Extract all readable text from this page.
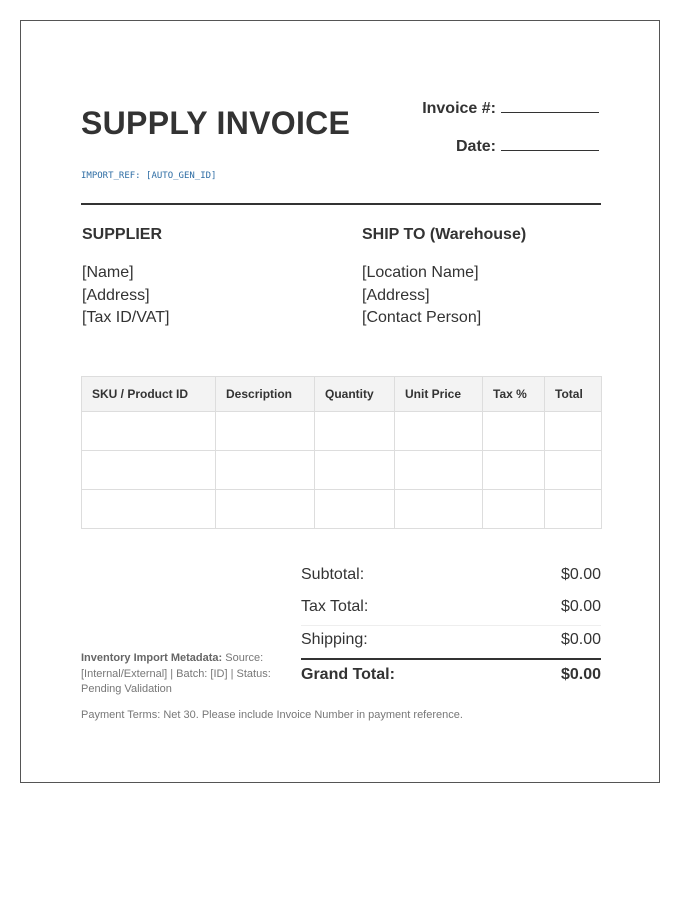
SUPPLY INVOICE
IMPORT_REF: [AUTO_GEN_ID]
Invoice #:
Date:
SUPPLIER
[Name]
[Address]
[Tax ID/VAT]
SHIP TO (Warehouse)
[Location Name]
[Address]
[Contact Person]
SKU / Product ID	Description	Quantity	Unit Price	Tax %	Total

Subtotal:	$0.00
Tax Total:	$0.00
Shipping:	$0.00
Grand Total:	$0.00
Inventory Import Metadata: Source: [Internal/External] | Batch: [ID] | Status: Pending Validation
Payment Terms: Net 30. Please include Invoice Number in payment reference.
